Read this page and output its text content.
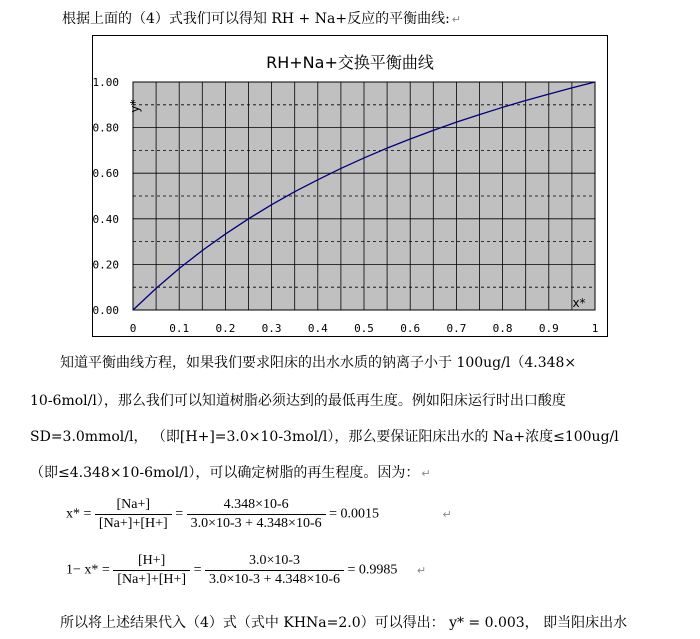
根据上面的（4）式我们可以得知 RH + Na+反应的平衡曲线: ↵
RH+Na+交换平衡曲线
0.00
0.20
0.40
0.60
0.80
1.00
0	0.1 0.2 0.3 0.4 0.5 0.6 0.7 0.8 0.9	1
y*
x*
知道平衡曲线方程，如果我们要求阳床的出水水质的钠离子小于 100ug/l（4.348×
10-6mol/l），那么我们可以知道树脂必须达到的最低再生度。例如阳床运行时出口酸度
SD=3.0mmol/l， （即[H+]=3.0×10-3mol/l），那么要保证阳床出水的 Na+浓度≤100ug/l
（即≤4.348×10-6mol/l），可以确定树脂的再生程度。因为： ↵
$x* = \frac{[Na+]}{[Na+]+[H+]} = \frac{4.348\times 10-6}{3.0\times 10-3 + 4.348\times 10-6} = 0.0015$	↵
$1- x* = \frac{[H+]}{[Na+]+[H+]} = \frac{3.0\times 10-3}{3.0\times 10-3 + 4.348\times 10-6} = 0.9985$ ↵
所以将上述结果代入（4）式（式中 KHNa=2.0）可以得出： y* = 0.003， 即当阳床出水
